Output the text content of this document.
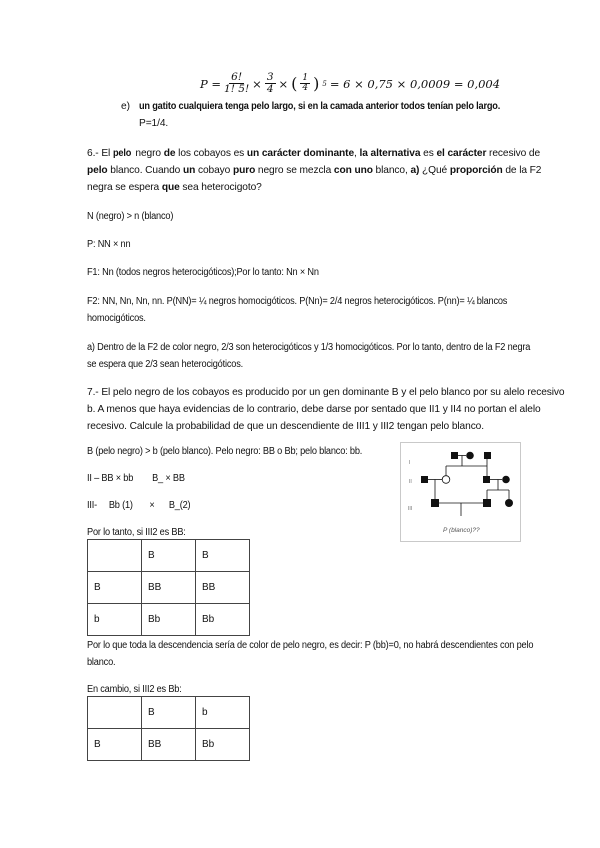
$P = \frac{6!}{1! 5!} \times \frac{3}{4}$ × ( $\frac{1}{4}$ ) 5 = 6 × 0,75 × 0,0009 = 0,004
e) un gatito cualquiera tenga pelo largo, si en la camada anterior todos tenían pelo largo.
P=1/4.
6.- El pelo negro de los cobayos es un carácter dominante, la alternativa es el carácter recesivo de
pelo blanco. Cuando un cobayo puro negro se mezcla con uno blanco, a) ¿Qué proporción de la F2
negra se espera que sea heterocigoto?
N (negro) > n (blanco)
P: NN × nn
F1: Nn (todos negros heterocigóticos);Por lo tanto: Nn × Nn
F2: NN, Nn, Nn, nn. P(NN)= ¼ negros homocigóticos. P(Nn)= 2/4 negros heterocigóticos. P(nn)= ¼ blancos
homocigóticos.
a) Dentro de la F2 de color negro, 2/3 son heterocigóticos y 1/3 homocigóticos. Por lo tanto, dentro de la F2 negra
se espera que 2/3 sean heterocigóticos.
7.- El pelo negro de los cobayos es producido por un gen dominante B y el pelo blanco por su alelo recesivo
b. A menos que haya evidencias de lo contrario, debe darse por sentado que II1 y II4 no portan el alelo
recesivo. Calcule la probabilidad de que un descendiente de III1 y III2 tengan pelo blanco.
B (pelo negro) > b (pelo blanco). Pelo negro: BB o Bb; pelo blanco: bb.
II – BB × bb        B_ × BB
III-     Bb (1)       ×      B_(2)
Por lo tanto, si III2 es BB:
	B	B
B	BB	BB
b	Bb	Bb
Por lo que toda la descendencia sería de color de pelo negro, es decir: P (bb)=0, no habrá descendientes con pelo
blanco.
En cambio, si III2 es Bb:
	B	b
B	BB	Bb
I
II
III
P (blanco)??
